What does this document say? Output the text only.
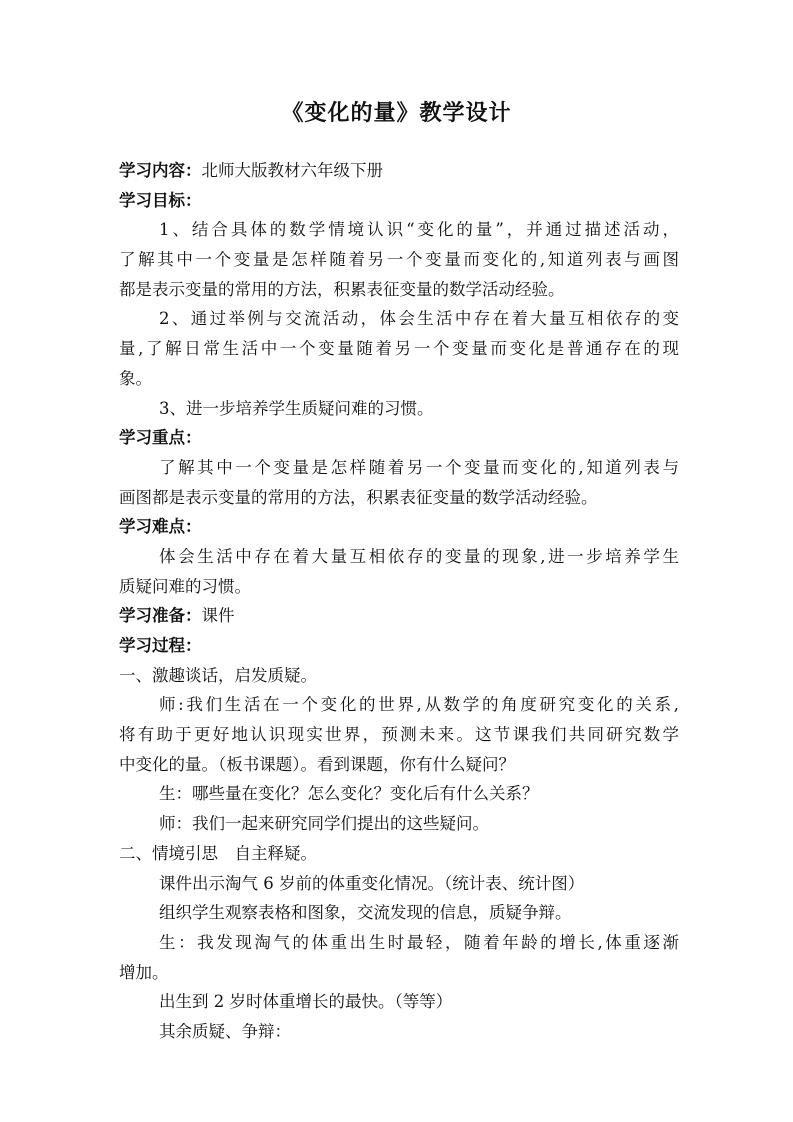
《变化的量》教学设计
学习内容：北师大版教材六年级下册
学习目标：
1、结合具体的数学情境认识“变化的量”，并通过描述活动，
了解其中一个变量是怎样随着另一个变量而变化的,知道列表与画图
都是表示变量的常用的方法，积累表征变量的数学活动经验。
2、通过举例与交流活动，体会生活中存在着大量互相依存的变
量,了解日常生活中一个变量随着另一个变量而变化是普通存在的现
象。
3、进一步培养学生质疑问难的习惯。
学习重点：
了解其中一个变量是怎样随着另一个变量而变化的,知道列表与
画图都是表示变量的常用的方法，积累表征变量的数学活动经验。
学习难点：
体会生活中存在着大量互相依存的变量的现象,进一步培养学生
质疑问难的习惯。
学习准备：课件
学习过程：
一、激趣谈话，启发质疑。
师:我们生活在一个变化的世界,从数学的角度研究变化的关系,
将有助于更好地认识现实世界，预测未来。这节课我们共同研究数学
中变化的量。（板书课题）。看到课题，你有什么疑问？
生：哪些量在变化？怎么变化？变化后有什么关系？
师：我们一起来研究同学们提出的这些疑问。
二、情境引思　自主释疑。
课件出示淘气 6 岁前的体重变化情况。（统计表、统计图）
组织学生观察表格和图象，交流发现的信息，质疑争辩。
生：我发现淘气的体重出生时最轻，随着年龄的增长,体重逐渐
增加。
出生到 2 岁时体重增长的最快。（等等）
其余质疑、争辩：
